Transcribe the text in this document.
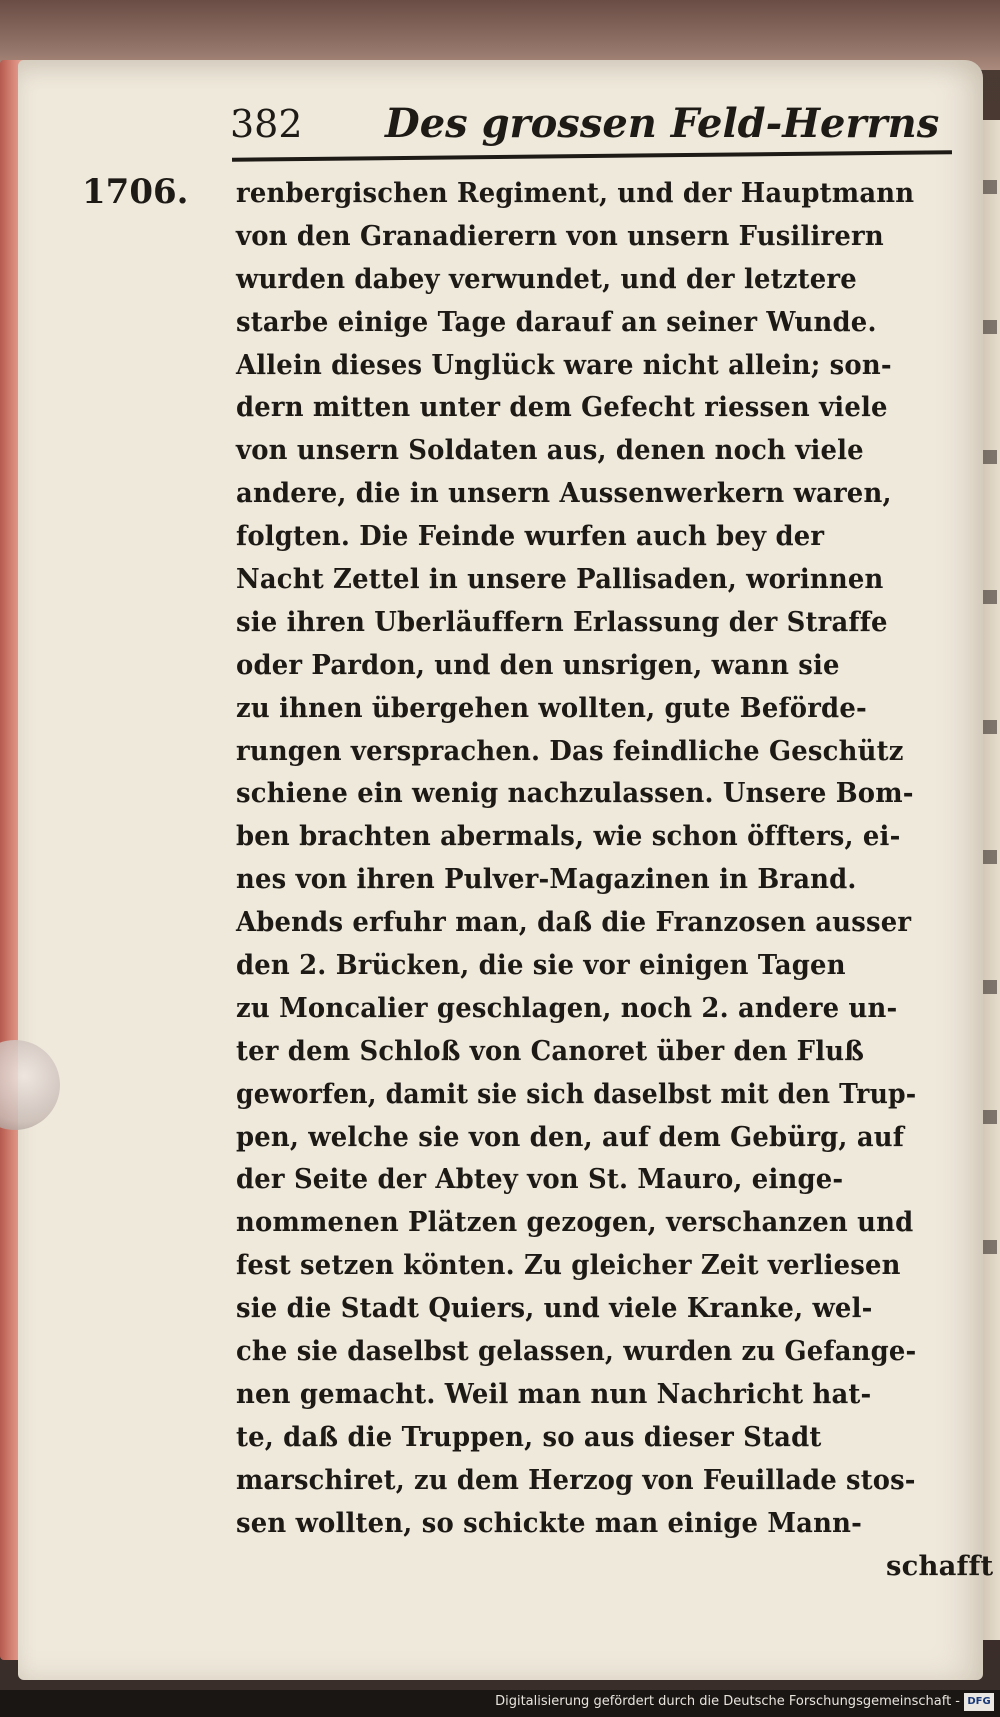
382 Des grossen Feld-Herrns
1706. renbergischen Regiment, und der Hauptmann
von den Granadierern von unsern Fusilirern
wurden dabey verwundet, und der letztere
starbe einige Tage darauf an seiner Wunde.
Allein dieses Unglück ware nicht allein; son-
dern mitten unter dem Gefecht riessen viele
von unsern Soldaten aus, denen noch viele
andere, die in unsern Aussenwerkern waren,
folgten. Die Feinde wurfen auch bey der
Nacht Zettel in unsere Pallisaden, worinnen
sie ihren Uberläuffern Erlassung der Straffe
oder Pardon, und den unsrigen, wann sie
zu ihnen übergehen wollten, gute Beförde-
rungen versprachen. Das feindliche Geschütz
schiene ein wenig nachzulassen. Unsere Bom-
ben brachten abermals, wie schon öffters, ei-
nes von ihren Pulver-Magazinen in Brand.
Abends erfuhr man, daß die Franzosen ausser
den 2. Brücken, die sie vor einigen Tagen
zu Moncalier geschlagen, noch 2. andere un-
ter dem Schloß von Canoret über den Fluß
geworfen, damit sie sich daselbst mit den Trup-
pen, welche sie von den, auf dem Gebürg, auf
der Seite der Abtey von St. Mauro, einge-
nommenen Plätzen gezogen, verschanzen und
fest setzen könten. Zu gleicher Zeit verliesen
sie die Stadt Quiers, und viele Kranke, wel-
che sie daselbst gelassen, wurden zu Gefange-
nen gemacht. Weil man nun Nachricht hat-
te, daß die Truppen, so aus dieser Stadt
marschiret, zu dem Herzog von Feuillade stos-
sen wollten, so schickte man einige Mann-
schafft
Digitalisierung gefördert durch die Deutsche Forschungsgemeinschaft - DFG
